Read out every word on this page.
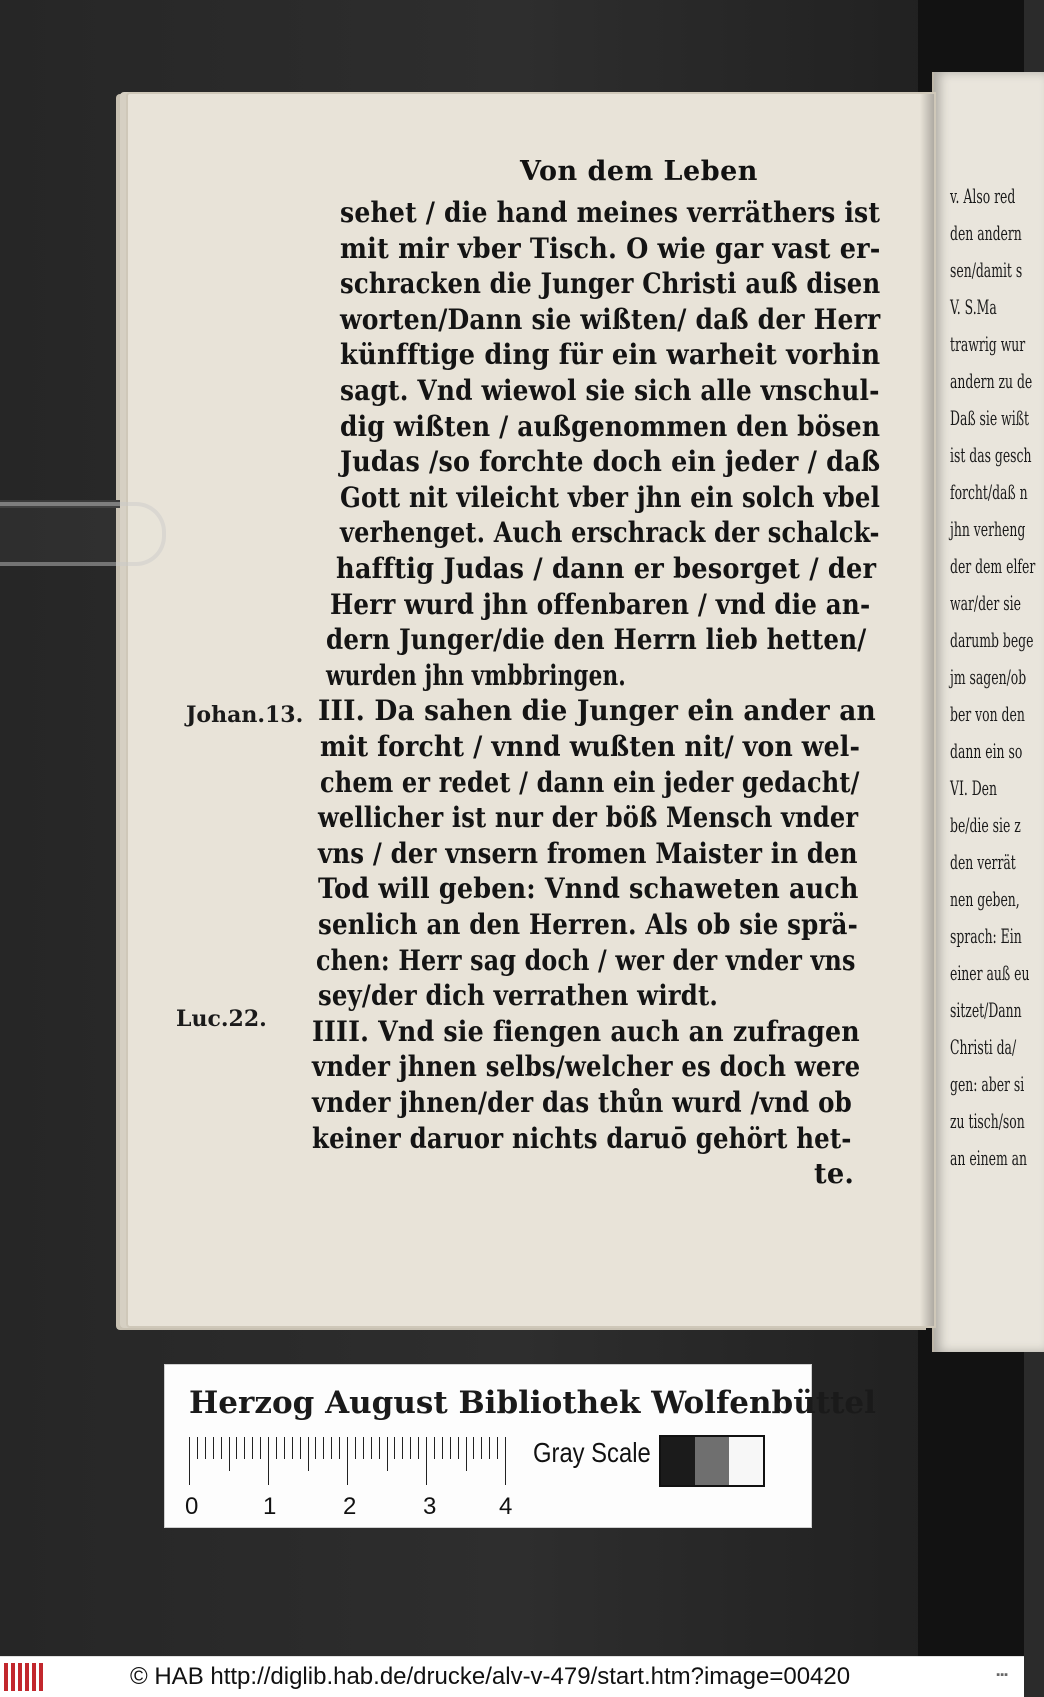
v. Also red
den andern
sen/damit s
V. S.Ma
trawrig wur
andern zu de
Daß sie wißt
ist das gesch
forcht/daß n
jhn verheng
der dem elfer
war/der sie
darumb bege
jm sagen/ob
ber von den
dann ein so
VI. Den
be/die sie z
den verrät
nen geben,
sprach: Ein
einer auß eu
sitzet/Dann
Christi da/
gen: aber si
zu tisch/son
an einem an
Von dem Leben
sehet / die hand meines verräthers ist
mit mir vber Tisch. O wie gar vast er-
schracken die Junger Christi auß disen
worten/Dann sie wißten/ daß der Herr
künfftige ding für ein warheit vorhin
sagt. Vnd wiewol sie sich alle vnschul-
dig wißten / außgenommen den bösen
Judas /so forchte doch ein jeder / daß
Gott nit vileicht vber jhn ein solch vbel
verhenget. Auch erschrack der schalck-
hafftig Judas / dann er besorget / der
Herr wurd jhn offenbaren / vnd die an-
dern Junger/die den Herrn lieb hetten/
wurden jhn vmbbringen.
III. Da sahen die Junger ein ander an
mit forcht / vnnd wußten nit/ von wel-
chem er redet / dann ein jeder gedacht/
wellicher ist nur der böß Mensch vnder
vns / der vnsern fromen Maister in den
Tod will geben: Vnnd schaweten auch
senlich an den Herren. Als ob sie sprä-
chen: Herr sag doch / wer der vnder vns
sey/der dich verrathen wirdt.
IIII. Vnd sie fiengen auch an zufragen
vnder jhnen selbs/welcher es doch were
vnder jhnen/der das thůn wurd /vnd ob
keiner daruor nichts daruō gehört het-
te.
Johan.13.
Luc.22.
Herzog August Bibliothek Wolfenbüttel
0	1	2	3	4
Gray Scale
© HAB http://diglib.hab.de/drucke/alv-v-479/start.htm?image=00420	▪▪▪
